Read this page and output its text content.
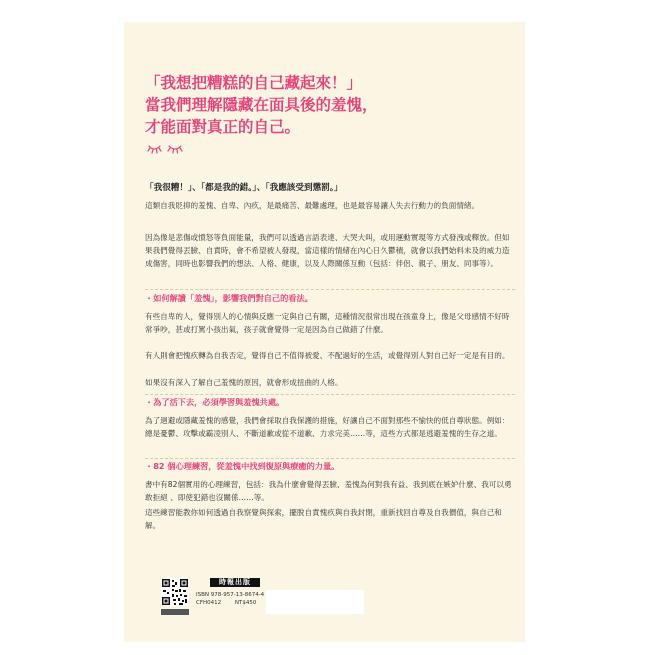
「我想把糟糕的自己藏起來！」
當我們理解隱藏在面具後的羞愧，
才能面對真正的自己。
「我很糟！」、「都是我的錯。」、「我應該受到懲罰。」
這類自我貶抑的羞愧、自卑、內疚，是最痛苦、最難處理，也是最容易讓人失去行動力的負面情緒。
因為像是悲傷或憤怒等負面能量，我們可以透過言語表達、大哭大叫，或用運動實現等方式發洩或釋放。但如果我們覺得丟臉、自責時，會不希望被人發現，當這樣的情緒在內心日久鬱積，就會以我們始料未及的威力造成傷害，同時也影響我們的想法、人格、健康，以及人際關係互動（包括：伴侶、親子、朋友、同事等）。
・如何解讀「羞愧」，影響我們對自己的看法。
有些自卑的人，覺得別人的心情與反應一定與自己有關，這種情況很常出現在孩童身上，像是父母感情不好時常爭吵，甚或打罵小孩出氣，孩子就會覺得一定是因為自己做錯了什麼。
有人則會把愧疚轉為自我否定，覺得自己不值得被愛、不配過好的生活，或覺得別人對自己好一定是有目的。
如果沒有深入了解自己羞愧的原因，就會形成扭曲的人格。
・為了活下去，必須學習與羞愧共處。
為了迴避或隱藏羞愧的感覺，我們會採取自我保護的措施，好讓自己不面對那些不愉快的低自尊狀態。例如：總是憂鬱、攻擊或霸凌別人、不斷道歉或從不道歉、力求完美……等，這些方式都是逃避羞愧的生存之道。
・82 個心理練習，從羞愧中找到復原與療癒的力量。
書中有82個實用的心理練習，包括：我為什麼會覺得丟臉、羞愧為何對我有益、我到底在嫉妒什麼、我可以勇敢拒絕 、即使犯錯也沒關係……等。
這些練習能教你如何透過自我察覺與探索，擺脫自責愧疚與自我封閉，重新找回自尊及自我價值，與自己和解。
時報出版
ISBN 978-957-13-8674-4
CFH0412	NT$450
